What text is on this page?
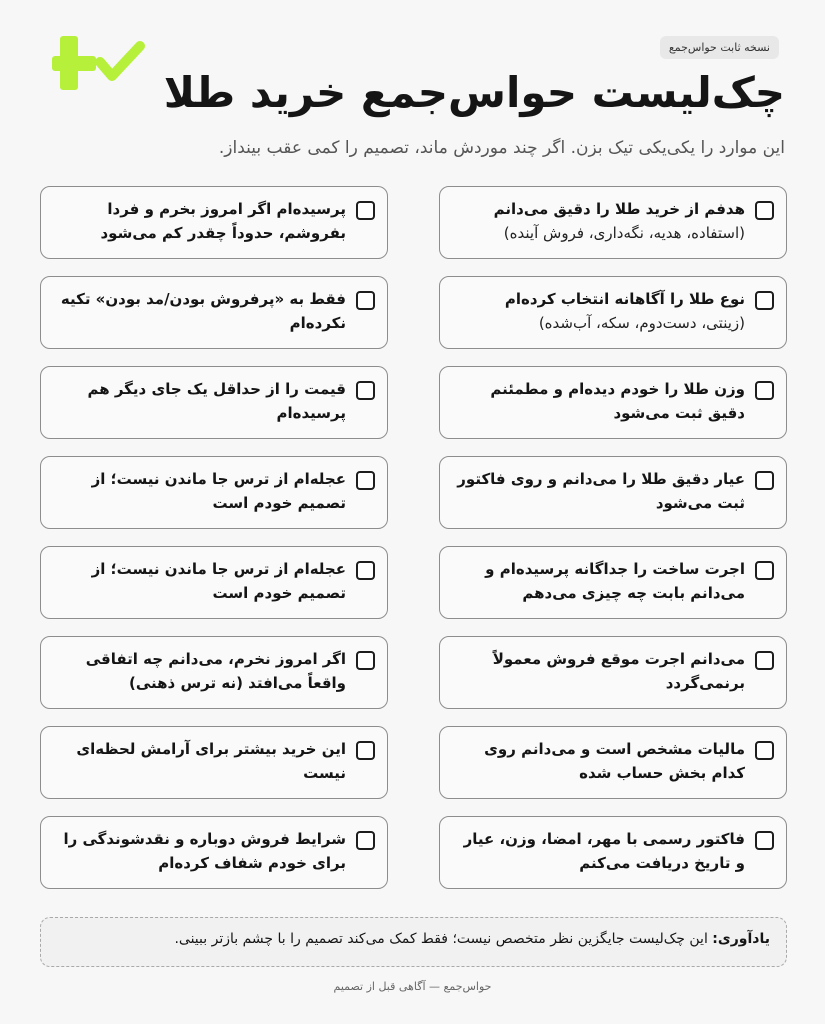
نسخه ثابت حواس‌جمع
چک‌لیست حواس‌جمع خرید طلا
این موارد را یکی‌یکی تیک بزن. اگر چند موردش ماند، تصمیم را کمی عقب بینداز.
هدفم از خرید طلا را دقیق می‌دانم
(استفاده، هدیه، نگه‌داری، فروش آینده)
پرسیده‌ام اگر امروز بخرم و فردا بفروشم، حدوداً چقدر کم می‌شود
نوع طلا را آگاهانه انتخاب کرده‌ام
(زینتی، دست‌دوم، سکه، آب‌شده)
فقط به «پرفروش بودن/مد بودن» تکیه نکرده‌ام
وزن طلا را خودم دیده‌ام و مطمئنم دقیق ثبت می‌شود
قیمت را از حداقل یک جای دیگر هم پرسیده‌ام
عیار دقیق طلا را می‌دانم و روی فاکتور ثبت می‌شود
عجله‌ام از ترس جا ماندن نیست؛ از تصمیم خودم است
اجرت ساخت را جداگانه پرسیده‌ام و می‌دانم بابت چه چیزی می‌دهم
عجله‌ام از ترس جا ماندن نیست؛ از تصمیم خودم است
می‌دانم اجرت موقع فروش معمولاً برنمی‌گردد
اگر امروز نخرم، می‌دانم چه اتفاقی واقعاً می‌افتد (نه ترس ذهنی)
مالیات مشخص است و می‌دانم روی کدام بخش حساب شده
این خرید بیشتر برای آرامش لحظه‌ای نیست
فاکتور رسمی با مهر، امضا، وزن، عیار و تاریخ دریافت می‌کنم
شرایط فروش دوباره و نقدشوندگی را برای خودم شفاف کرده‌ام
یادآوری: این چک‌لیست جایگزین نظر متخصص نیست؛ فقط کمک می‌کند تصمیم را با چشم بازتر ببینی.
حواس‌جمع — آگاهی قبل از تصمیم
